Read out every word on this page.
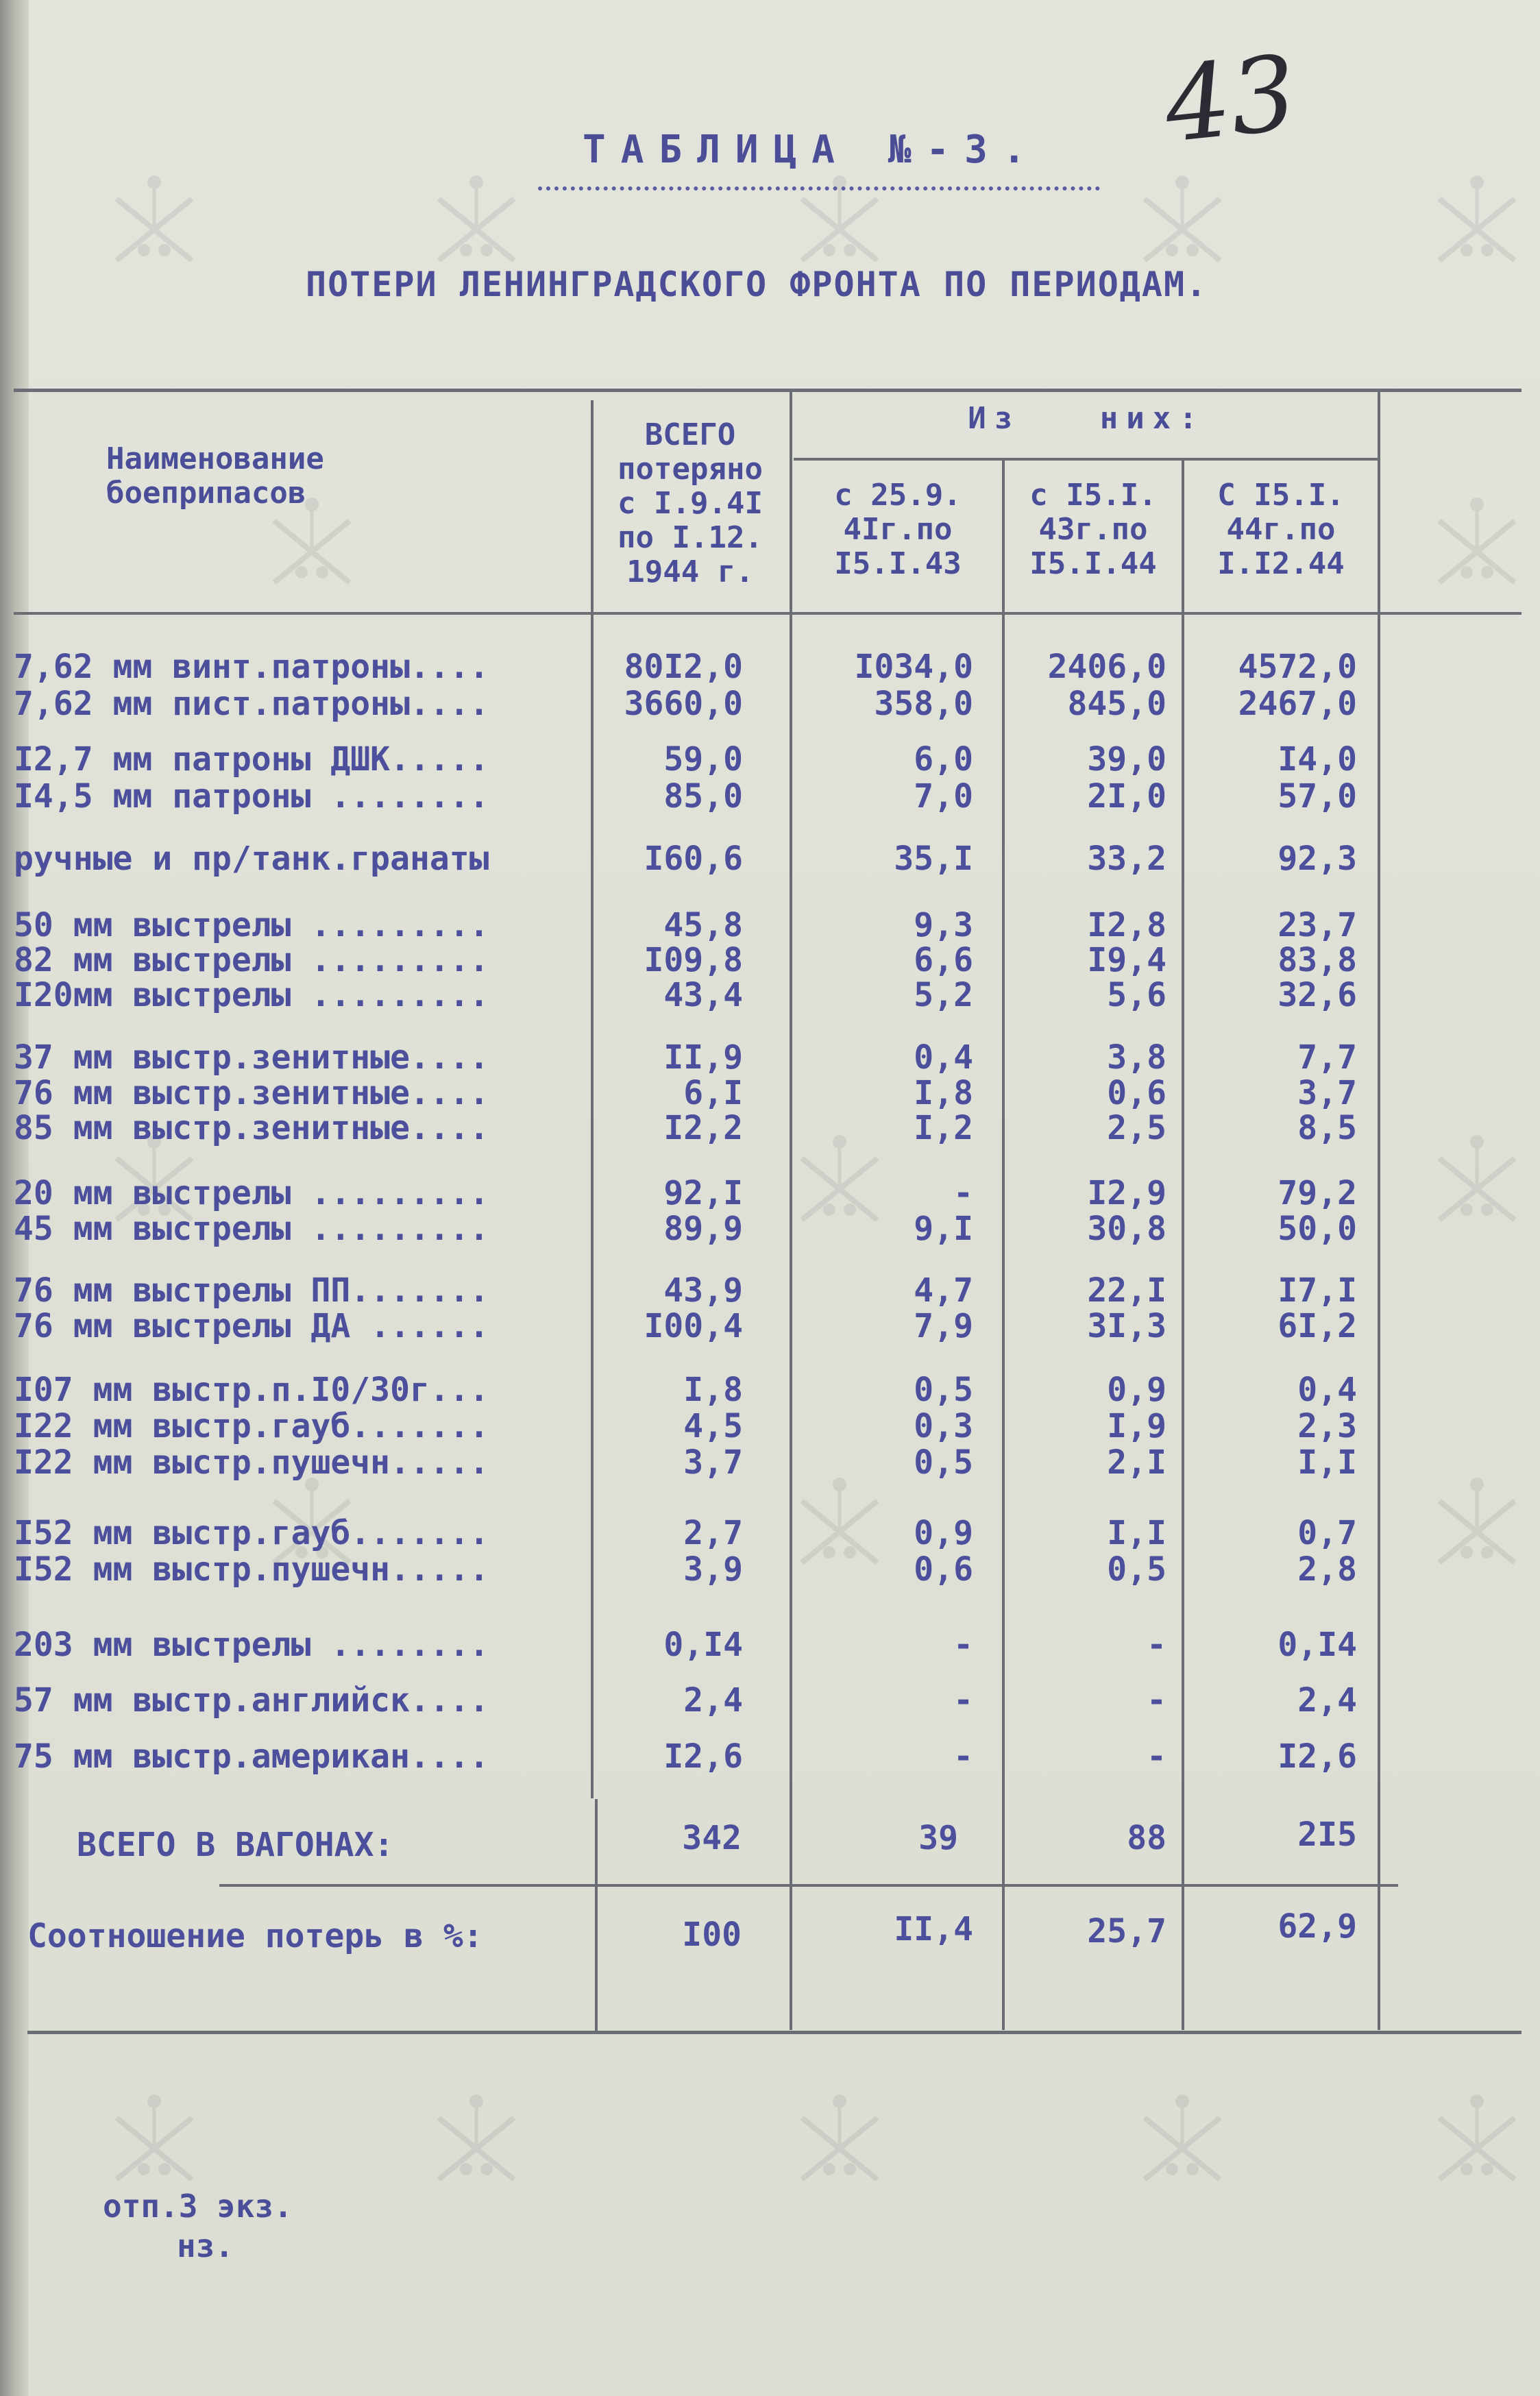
43
ТАБЛИЦА №-3.
ПОТЕРИ ЛЕНИНГРАДСКОГО ФРОНТА ПО ПЕРИОДАМ.
Наименование
боеприпасов
ВСЕГО
потеряно
с I.9.4I
по I.12.
1944 г.
Из   них:
с 25.9.
4Iг.по
I5.I.43
с I5.I.
43г.по
I5.I.44
С I5.I.
44г.по
I.I2.44
7,62 мм винт.патроны....	80I2,0	I034,0	2406,0	4572,0
7,62 мм пист.патроны....	3660,0	358,0	845,0	2467,0
I2,7 мм патроны ДШК.....	59,0	6,0	39,0	I4,0
I4,5 мм патроны ........	85,0	7,0	2I,0	57,0
ручные и пр/танк.гранаты	I60,6	35,I	33,2	92,3
50 мм выстрелы .........	45,8	9,3	I2,8	23,7
82 мм выстрелы .........	I09,8	6,6	I9,4	83,8
I20мм выстрелы .........	43,4	5,2	5,6	32,6
37 мм выстр.зенитные....	II,9	0,4	3,8	7,7
76 мм выстр.зенитные....	6,I	I,8	0,6	3,7
85 мм выстр.зенитные....	I2,2	I,2	2,5	8,5
20 мм выстрелы .........	92,I	-	I2,9	79,2
45 мм выстрелы .........	89,9	9,I	30,8	50,0
76 мм выстрелы ПП.......	43,9	4,7	22,I	I7,I
76 мм выстрелы ДА ......	I00,4	7,9	3I,3	6I,2
I07 мм выстр.п.I0/30г...	I,8	0,5	0,9	0,4
I22 мм выстр.гауб.......	4,5	0,3	I,9	2,3
I22 мм выстр.пушечн.....	3,7	0,5	2,I	I,I
I52 мм выстр.гауб.......	2,7	0,9	I,I	0,7
I52 мм выстр.пушечн.....	3,9	0,6	0,5	2,8
203 мм выстрелы ........	0,I4	-	-	0,I4
57 мм выстр.английск....	2,4	-	-	2,4
75 мм выстр.американ....	I2,6	-	-	I2,6
ВСЕГО В ВАГОНАХ:	342	39	88	2I5
Соотношение потерь в %:	I00	II,4	25,7	62,9
отп.3 экз.
нз.
